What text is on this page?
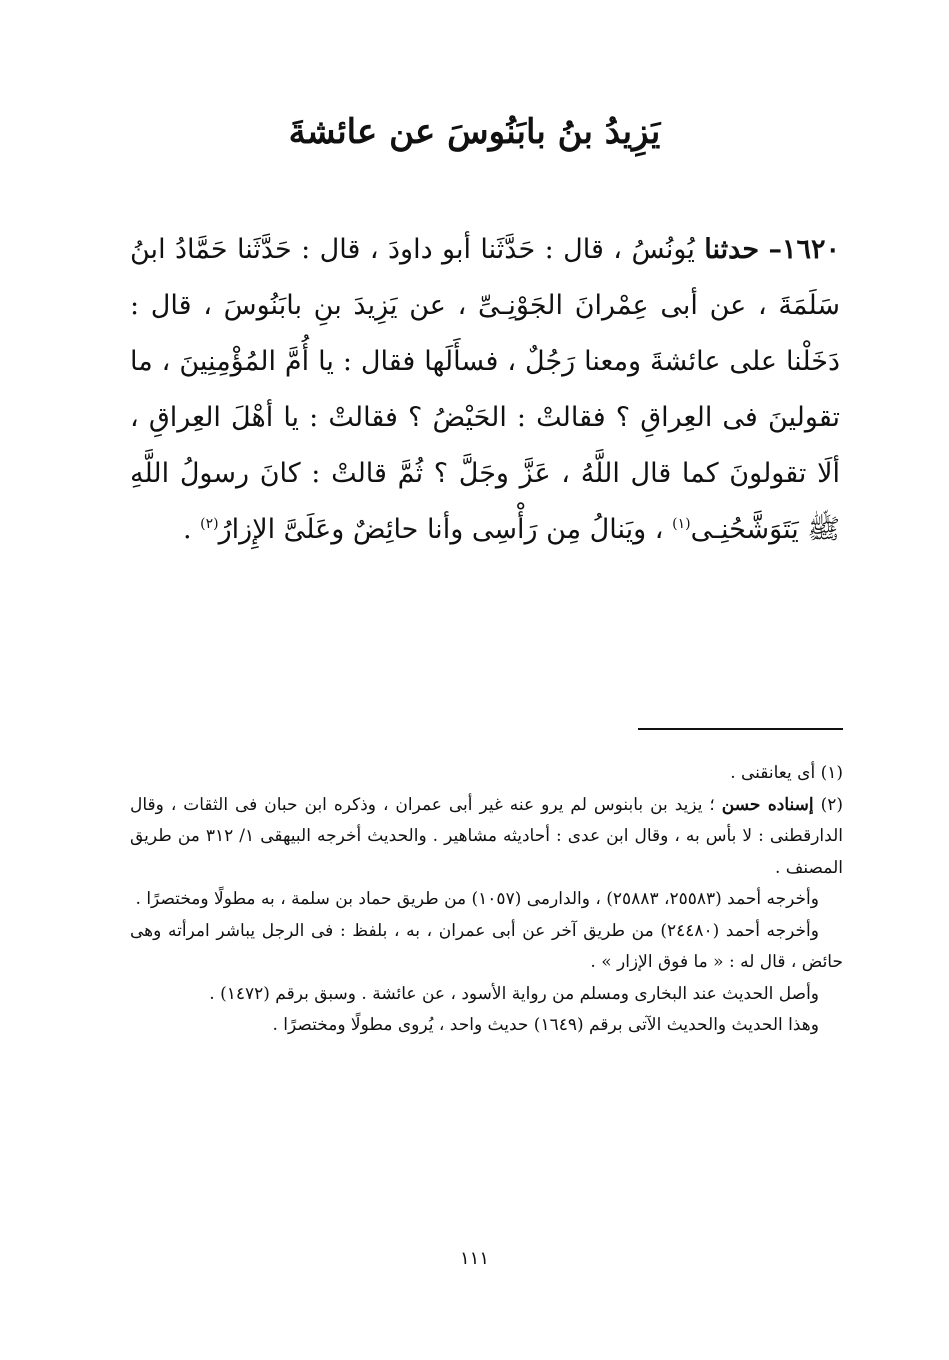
يَزِيدُ بنُ بابَنُوسَ عن عائشةَ

١٦٢٠– حدثنا يُونُسُ ، قال : حَدَّثَنا أبو داودَ ، قال : حَدَّثَنا حَمَّادُ ابنُ سَلَمَةَ ، عن أبى عِمْرانَ الجَوْنِـىِّ ، عن يَزِيدَ بنِ بابَنُوسَ ، قال : دَخَلْنا على عائشةَ ومعنا رَجُلٌ ، فسأَلَها فقال : يا أُمَّ المُؤْمِنِينَ ، ما تقولينَ فى العِراقِ ؟ فقالتْ : الحَيْضُ ؟ فقالتْ : يا أهْلَ العِراقِ ، ألَا تقولونَ كما قال اللَّهُ ، عَزَّ وجَلَّ ؟ ثُمَّ قالتْ : كانَ رسولُ اللَّهِ ﷺ يَتَوَشَّحُنِـى$^{(١)}$ ، ويَنالُ مِن رَأْسِى وأنا حائِضٌ وعَلَىَّ الإِزارُ$^{(٢)}$ .

(١) أى يعانقنى .

(٢) إسناده حسن ؛ يزيد بن بابنوس لم يرو عنه غير أبى عمران ، وذكره ابن حبان فى الثقات ، وقال الدارقطنى : لا بأس به ، وقال ابن عدى : أحاديثه مشاهير . والحديث أخرجه البيهقى ١/ ٣١٢ من طريق المصنف .

وأخرجه أحمد (٢٥٥٨٣، ٢٥٨٨٣) ، والدارمى (١٠٥٧) من طريق حماد بن سلمة ، به مطولًا ومختصرًا .

وأخرجه أحمد (٢٤٤٨٠) من طريق آخر عن أبى عمران ، به ، بلفظ : فى الرجل يباشر امرأته وهى حائض ، قال له : « ما فوق الإزار » .

وأصل الحديث عند البخارى ومسلم من رواية الأسود ، عن عائشة . وسبق برقم (١٤٧٢) .

وهذا الحديث والحديث الآتى برقم (١٦٤٩) حديث واحد ، يُروى مطولًا ومختصرًا .

١١١
